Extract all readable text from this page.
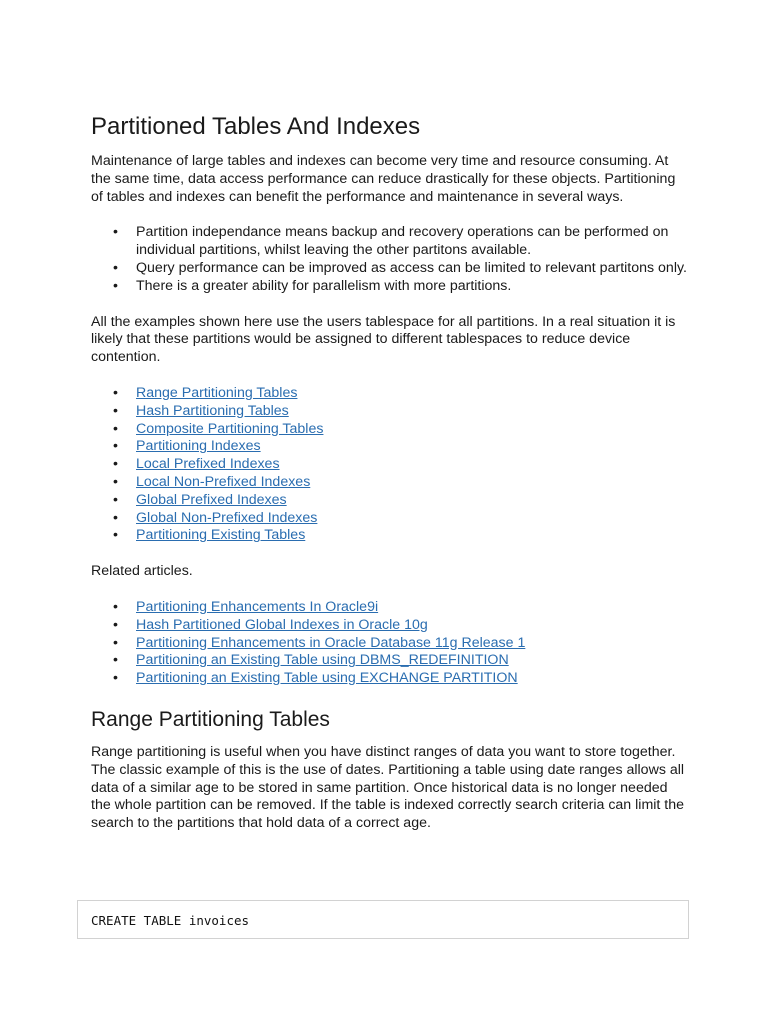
Partitioned Tables And Indexes

Maintenance of large tables and indexes can become very time and resource consuming. At the same time, data access performance can reduce drastically for these objects. Partitioning of tables and indexes can benefit the performance and maintenance in several ways.

• Partition independance means backup and recovery operations can be performed on individual partitions, whilst leaving the other partitons available.
• Query performance can be improved as access can be limited to relevant partitons only.
• There is a greater ability for parallelism with more partitions.

All the examples shown here use the users tablespace for all partitions. In a real situation it is likely that these partitions would be assigned to different tablespaces to reduce device contention.

• Range Partitioning Tables
• Hash Partitioning Tables
• Composite Partitioning Tables
• Partitioning Indexes
• Local Prefixed Indexes
• Local Non-Prefixed Indexes
• Global Prefixed Indexes
• Global Non-Prefixed Indexes
• Partitioning Existing Tables

Related articles.

• Partitioning Enhancements In Oracle9i
• Hash Partitioned Global Indexes in Oracle 10g
• Partitioning Enhancements in Oracle Database 11g Release 1
• Partitioning an Existing Table using DBMS_REDEFINITION
• Partitioning an Existing Table using EXCHANGE PARTITION
Range Partitioning Tables

Range partitioning is useful when you have distinct ranges of data you want to store together. The classic example of this is the use of dates. Partitioning a table using date ranges allows all data of a similar age to be stored in same partition. Once historical data is no longer needed the whole partition can be removed. If the table is indexed correctly search criteria can limit the search to the partitions that hold data of a correct age.

CREATE TABLE invoices
